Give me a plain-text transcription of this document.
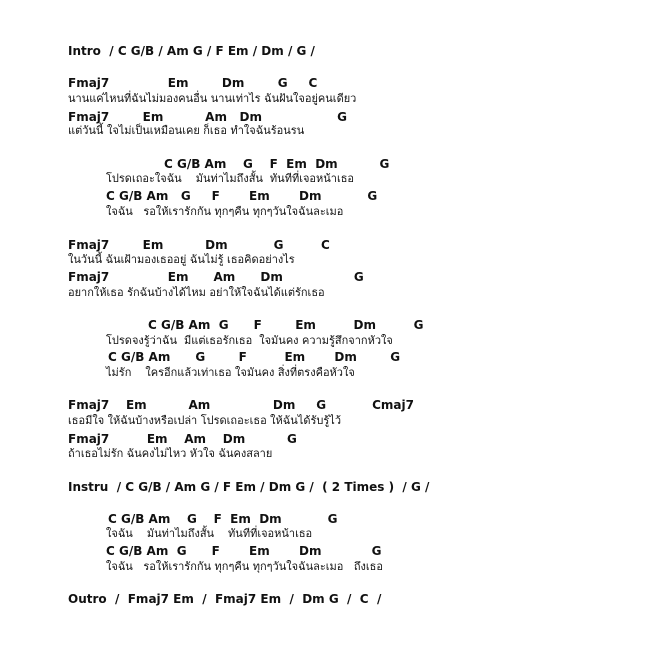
Intro  / C G/B / Am G / F Em / Dm / G /
Fmaj7              Em        Dm        G     C
นานแค่ไหนที่ฉันไม่มองคนอื่น นานเท่าไร ฉันฝันใจอยู่คนเดียว
Fmaj7        Em          Am   Dm                  G
แต่วันนี้ ใจไม่เป็นเหมือนเคย ก็เธอ ทำใจฉันร้อนรน
C G/B Am    G    F  Em  Dm          G
โปรดเถอะใจฉัน    มันท่าไมถึงสั้น  ทันทีที่เจอหน้าเธอ
C G/B Am   G     F       Em       Dm           G
ใจฉัน   รอให้เรารักกัน ทุกๆคืน ทุกๆวันใจฉันละเมอ
Fmaj7        Em          Dm           G         C
ในวันนี้ ฉันเฝ้ามองเธออยู่ ฉันไม่รู้ เธอคิดอย่างไร
Fmaj7              Em      Am      Dm                 G
อยากให้เธอ รักฉันบ้างได้ไหม อย่าให้ใจฉันได้แต่รักเธอ
C G/B Am  G      F        Em         Dm         G
โปรดจงรู้ว่าฉัน  มีแต่เธอรักเธอ  ใจมันคง ความรู้สึกจากหัวใจ
C G/B Am      G        F         Em       Dm        G
ไม่รัก    ใครอีกแล้วเท่าเธอ ใจมันคง สิ่งที่ตรงคือหัวใจ
Fmaj7    Em          Am               Dm     G           Cmaj7
เธอมีใจ ให้ฉันบ้างหรือเปล่า โปรดเถอะเธอ ให้ฉันได้รับรู้ไว้
Fmaj7         Em    Am    Dm          G
ถ้าเธอไม่รัก ฉันคงไม่ไหว หัวใจ ฉันคงสลาย
Instru  / C G/B / Am G / F Em / Dm G /  ( 2 Times )  / G /
C G/B Am    G    F  Em  Dm           G
ใจฉัน    มันท่าไมถึงสั้น    ทันทีที่เจอหน้าเธอ
C G/B Am  G      F       Em       Dm            G
ใจฉัน   รอให้เรารักกัน ทุกๆคืน ทุกๆวันใจฉันละเมอ   ถึงเธอ
Outro  /  Fmaj7 Em  /  Fmaj7 Em  /  Dm G  /  C  /
